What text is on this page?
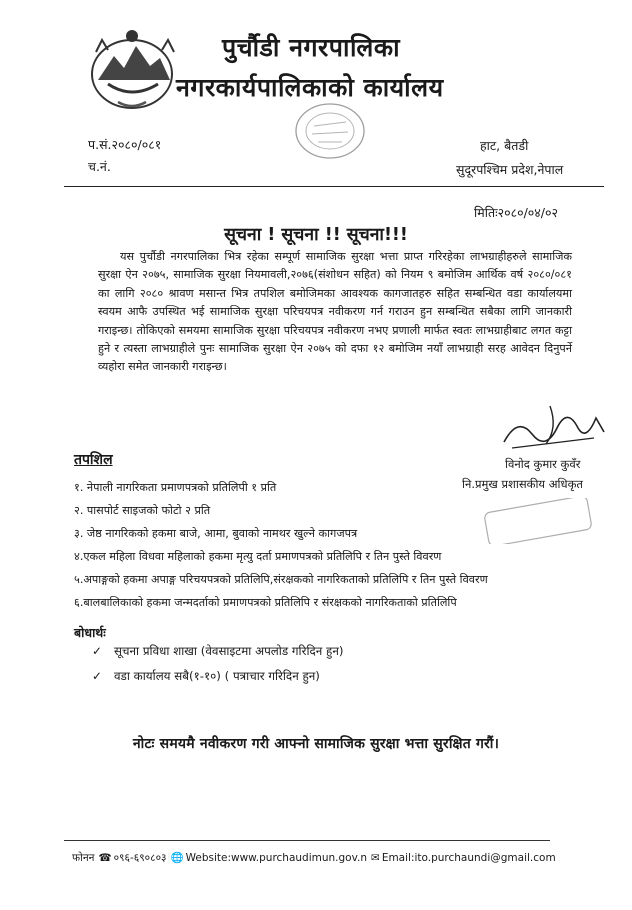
पुर्चौडी नगरपालिका
नगरकार्यपालिकाको कार्यालय
प.सं.२०८०/०८१
च.नं.
हाट, बैतडी
सुदूरपश्चिम प्रदेश,नेपाल
मितिः२०८०/०४/०२
सूचना ! सूचना !! सूचना!!!

यस पुर्चौडी नगरपालिका भित्र रहेका सम्पूर्ण सामाजिक सुरक्षा भत्ता प्राप्त गरिरहेका लाभग्राहीहरुले सामाजिक सुरक्षा ऐन २०७५, सामाजिक सुरक्षा नियमावली,२०७६(संशोधन सहित) को नियम ९ बमोजिम आर्थिक वर्ष २०८०/०८१ का लागि २०८० श्रावण मसान्त भित्र तपशिल बमोजिमका आवश्यक कागजातहरु सहित सम्बन्धित वडा कार्यालयमा स्वयम आफै उपस्थित भई सामाजिक सुरक्षा परिचयपत्र नवीकरण गर्न गराउन हुन सम्बन्धित सबैका लागि जानकारी गराइन्छ। तोकिएको समयमा सामाजिक सुरक्षा परिचयपत्र नवीकरण नभए प्रणाली मार्फत स्वतः लाभग्राहीबाट लगत कट्टा हुने र त्यस्ता लाभग्राहीले पुनः सामाजिक सुरक्षा ऐन २०७५ को दफा १२ बमोजिम नयाँ लाभग्राही सरह आवेदन दिनुपर्ने व्यहोरा समेत जानकारी गराइन्छ।

विनोद कुमार कुवँर
नि.प्रमुख प्रशासकीय अधिकृत
तपशिल
१. नेपाली नागरिकता प्रमाणपत्रको प्रतिलिपी १ प्रति
२. पासपोर्ट साइजको फोटो २ प्रति
३. जेष्ठ नागरिकको हकमा बाजे, आमा, बुवाको नामथर खुल्ने कागजपत्र
४.एकल महिला विधवा महिलाको हकमा मृत्यु दर्ता प्रमाणपत्रको प्रतिलिपि र तिन पुस्ते विवरण
५.अपाङ्गको हकमा अपाङ्ग परिचयपत्रको प्रतिलिपि,संरक्षकको नागरिकताको प्रतिलिपि र तिन पुस्ते विवरण
६.बालबालिकाको हकमा जन्मदर्ताको प्रमाणपत्रको प्रतिलिपि र संरक्षकको नागरिकताको प्रतिलिपि
बोधार्थः
✓ सूचना प्रविधा शाखा (वेवसाइटमा अपलोड गरिदिन हुन)
✓ वडा कार्यालय सबै(१-१०) ( पत्राचार गरिदिन हुन)
नोटः समयमै नवीकरण गरी आफ्नो सामाजिक सुरक्षा भत्ता सुरक्षित गरौं।
फोनन ☎ ०९६-६९०८०३ 🌐 Website:www.purchaudimun.gov.n ✉ Email:ito.purchaundi@gmail.com
